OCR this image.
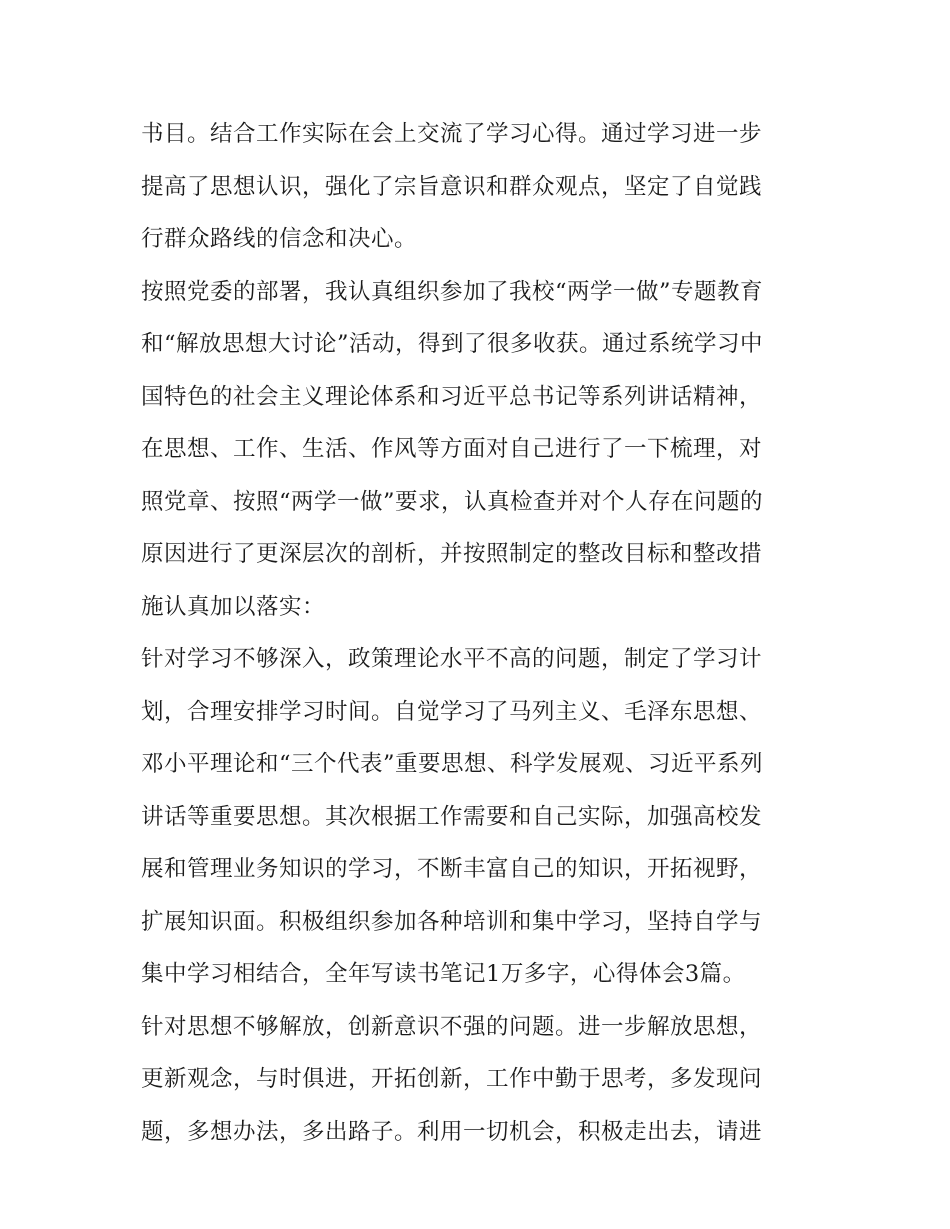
书目。结合工作实际在会上交流了学习心得。通过学习进一步
提高了思想认识，强化了宗旨意识和群众观点，坚定了自觉践
行群众路线的信念和决心。
按照党委的部署，我认真组织参加了我校“两学一做”专题教育
和“解放思想大讨论”活动，得到了很多收获。通过系统学习中
国特色的社会主义理论体系和习近平总书记等系列讲话精神，
在思想、工作、生活、作风等方面对自己进行了一下梳理，对
照党章、按照“两学一做”要求，认真检查并对个人存在问题的
原因进行了更深层次的剖析，并按照制定的整改目标和整改措
施认真加以落实：
针对学习不够深入，政策理论水平不高的问题，制定了学习计
划，合理安排学习时间。自觉学习了马列主义、毛泽东思想、
邓小平理论和“三个代表”重要思想、科学发展观、习近平系列
讲话等重要思想。其次根据工作需要和自己实际，加强高校发
展和管理业务知识的学习，不断丰富自己的知识，开拓视野，
扩展知识面。积极组织参加各种培训和集中学习，坚持自学与
集中学习相结合，全年写读书笔记1万多字，心得体会3篇。
针对思想不够解放，创新意识不强的问题。进一步解放思想，
更新观念，与时俱进，开拓创新，工作中勤于思考，多发现问
题，多想办法，多出路子。利用一切机会，积极走出去，请进
